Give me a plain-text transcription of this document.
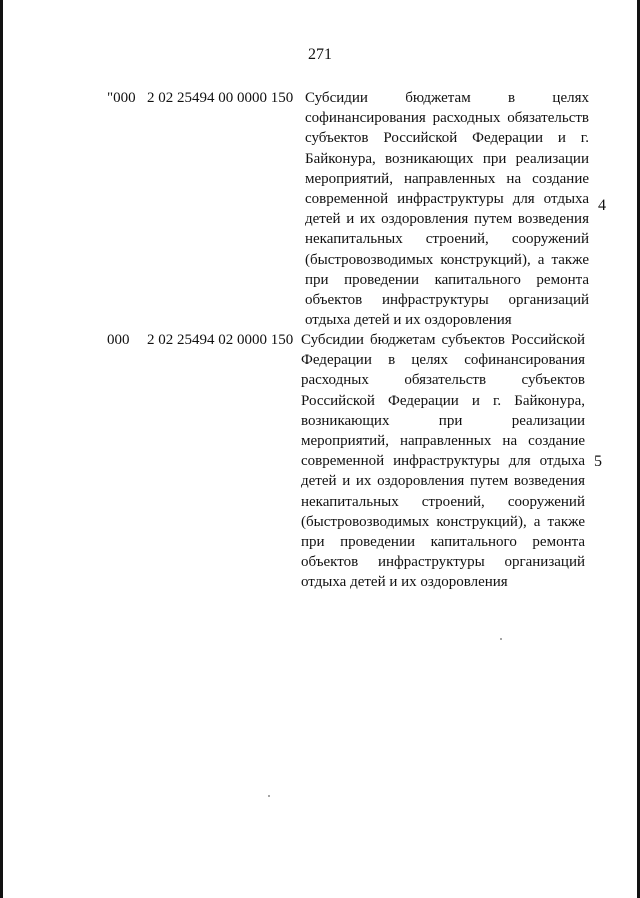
271
"000 2 02 25494 00 0000 150 Субсидии бюджетам в целях софинансирования расходных обязательств субъектов Российской Федерации и г. Байконура, возникающих при реализации мероприятий, направленных на создание современной инфраструктуры для отдыха детей и их оздоровления путем возведения некапитальных строений, сооружений (быстровозводимых конструкций), а также при проведении капитального ремонта объектов инфраструктуры организаций отдыха детей и их оздоровления
4
000 2 02 25494 02 0000 150 Субсидии бюджетам субъектов Российской Федерации в целях софинансирования расходных обязательств субъектов Российской Федерации и г. Байконура, возникающих при реализации мероприятий, направленных на создание современной инфраструктуры для отдыха детей и их оздоровления путем возведения некапитальных строений, сооружений (быстровозводимых конструкций), а также при проведении капитального ремонта объектов инфраструктуры организаций отдыха детей и их оздоровления
5
